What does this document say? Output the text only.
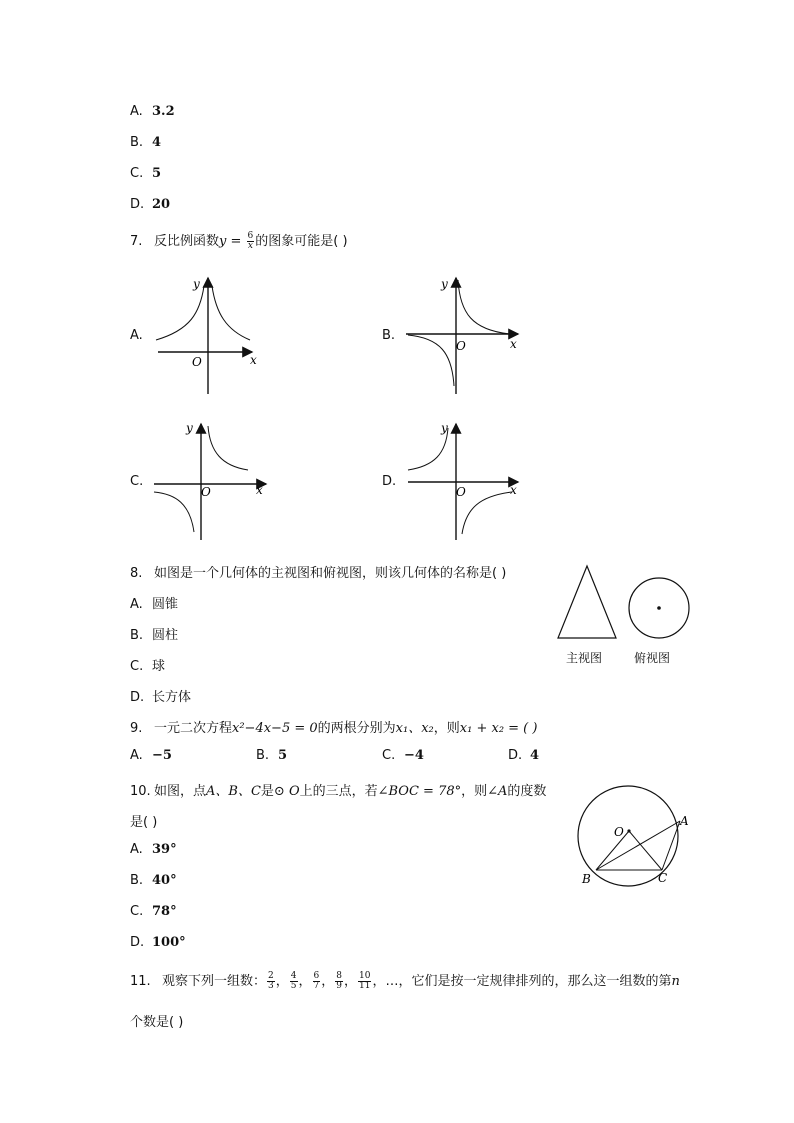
A. 3.2
B. 4
C. 5
D. 20
7. 反比例函数$y = \frac{6}{x}$ 的图象可能是( )
A.
y
x
O
B.
y
x
O
C.
y
x
O
D.
y
x
O
8. 如图是一个几何体的主视图和俯视图，则该几何体的名称是( )
A. 圆锥
B. 圆柱
C. 球
D. 长方体
主视图	俯视图
9. 一元二次方程x²−4x−5 = 0的两根分别为x₁、x₂，则x₁ + x₂ = ( )
A. −5	B. 5	C. −4	D. 4
10. 如图，点A、B、C是⊙ O上的三点，若∠BOC = 78°，则∠A的度数
是( )
A. 39°
B. 40°
C. 78°
D. 100°
O
A
B	C
11. 观察下列一组数： $\frac{2}{3}$ ， $\frac{4}{5}$ ， $\frac{6}{7}$ ， $\frac{8}{9}$ ， $\frac{10}{11}$ ，…，它们是按一定规律排列的，那么这一组数的第n
个数是( )
